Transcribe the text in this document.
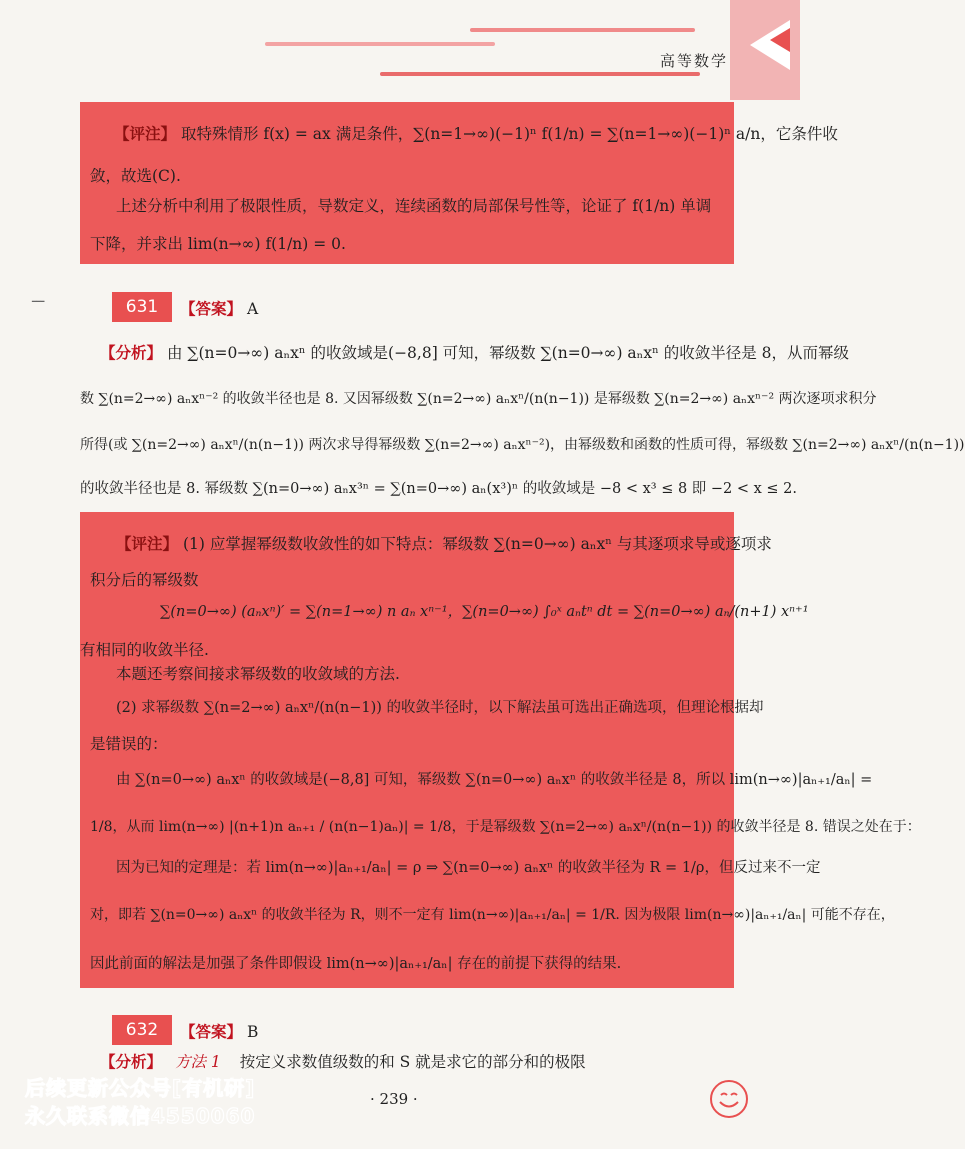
高等数学
【评注】 取特殊情形 f(x) = ax 满足条件，∑(n=1→∞)(−1)ⁿ f(1/n) = ∑(n=1→∞)(−1)ⁿ a/n，它条件收
敛，故选(C).
上述分析中利用了极限性质，导数定义，连续函数的局部保号性等，论证了 f(1/n) 单调
下降，并求出 lim(n→∞) f(1/n) = 0.
ـــ	631	【答案】 A
【分析】 由 ∑(n=0→∞) aₙxⁿ 的收敛域是(−8,8] 可知，幂级数 ∑(n=0→∞) aₙxⁿ 的收敛半径是 8，从而幂级
数 ∑(n=2→∞) aₙxⁿ⁻² 的收敛半径也是 8. 又因幂级数 ∑(n=2→∞) aₙxⁿ/(n(n−1)) 是幂级数 ∑(n=2→∞) aₙxⁿ⁻² 两次逐项求积分
所得(或 ∑(n=2→∞) aₙxⁿ/(n(n−1)) 两次求导得幂级数 ∑(n=2→∞) aₙxⁿ⁻²)，由幂级数和函数的性质可得，幂级数 ∑(n=2→∞) aₙxⁿ/(n(n−1))
的收敛半径也是 8. 幂级数 ∑(n=0→∞) aₙx³ⁿ = ∑(n=0→∞) aₙ(x³)ⁿ 的收敛域是 −8 < x³ ≤ 8 即 −2 < x ≤ 2.
【评注】 (1) 应掌握幂级数收敛性的如下特点：幂级数 ∑(n=0→∞) aₙxⁿ 与其逐项求导或逐项求
积分后的幂级数
∑(n=0→∞) (aₙxⁿ)′ = ∑(n=1→∞) n aₙ xⁿ⁻¹，∑(n=0→∞) ∫₀ˣ aₙtⁿ dt = ∑(n=0→∞) aₙ/(n+1) xⁿ⁺¹
有相同的收敛半径.
本题还考察间接求幂级数的收敛域的方法.
(2) 求幂级数 ∑(n=2→∞) aₙxⁿ/(n(n−1)) 的收敛半径时，以下解法虽可选出正确选项，但理论根据却
是错误的：
由 ∑(n=0→∞) aₙxⁿ 的收敛域是(−8,8] 可知，幂级数 ∑(n=0→∞) aₙxⁿ 的收敛半径是 8，所以 lim(n→∞)|aₙ₊₁/aₙ| =
1/8，从而 lim(n→∞) |(n+1)n aₙ₊₁ / (n(n−1)aₙ)| = 1/8，于是幂级数 ∑(n=2→∞) aₙxⁿ/(n(n−1)) 的收敛半径是 8. 错误之处在于：
因为已知的定理是：若 lim(n→∞)|aₙ₊₁/aₙ| = ρ ⇒ ∑(n=0→∞) aₙxⁿ 的收敛半径为 R = 1/ρ，但反过来不一定
对，即若 ∑(n=0→∞) aₙxⁿ 的收敛半径为 R，则不一定有 lim(n→∞)|aₙ₊₁/aₙ| = 1/R. 因为极限 lim(n→∞)|aₙ₊₁/aₙ| 可能不存在，
因此前面的解法是加强了条件即假设 lim(n→∞)|aₙ₊₁/aₙ| 存在的前提下获得的结果.
632	【答案】 B
【分析】 方法 1 按定义求数值级数的和 S 就是求它的部分和的极限
后续更新公众号[有机研]
永久联系微信4550060
· 239 ·
